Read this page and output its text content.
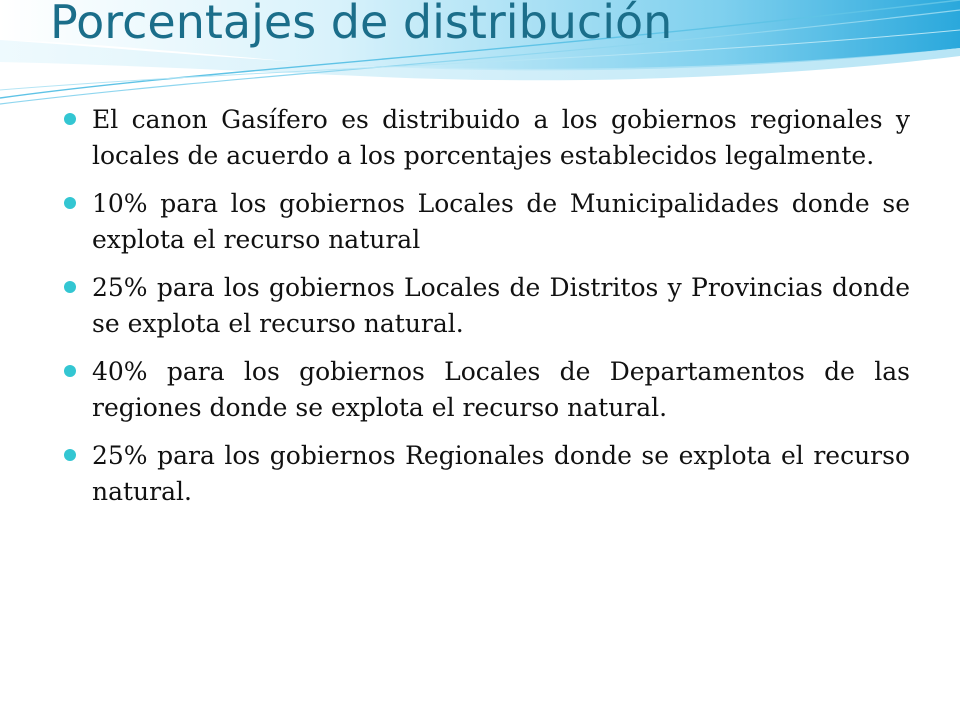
Porcentajes de distribución
El canon Gasífero es distribuido a los gobiernos regionales y locales de acuerdo a los porcentajes establecidos legalmente.
10% para los gobiernos Locales de Municipalidades donde se explota el recurso natural
25% para los gobiernos Locales de Distritos y Provincias donde se explota el recurso natural.
40% para los gobiernos Locales de Departamentos de las regiones donde se explota el recurso natural.
25% para los gobiernos Regionales donde se explota el recurso natural.
